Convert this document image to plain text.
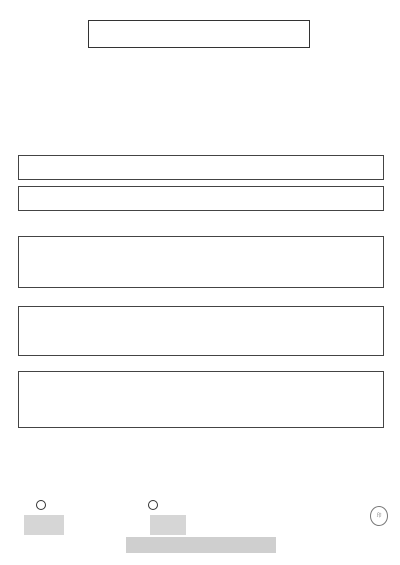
印
